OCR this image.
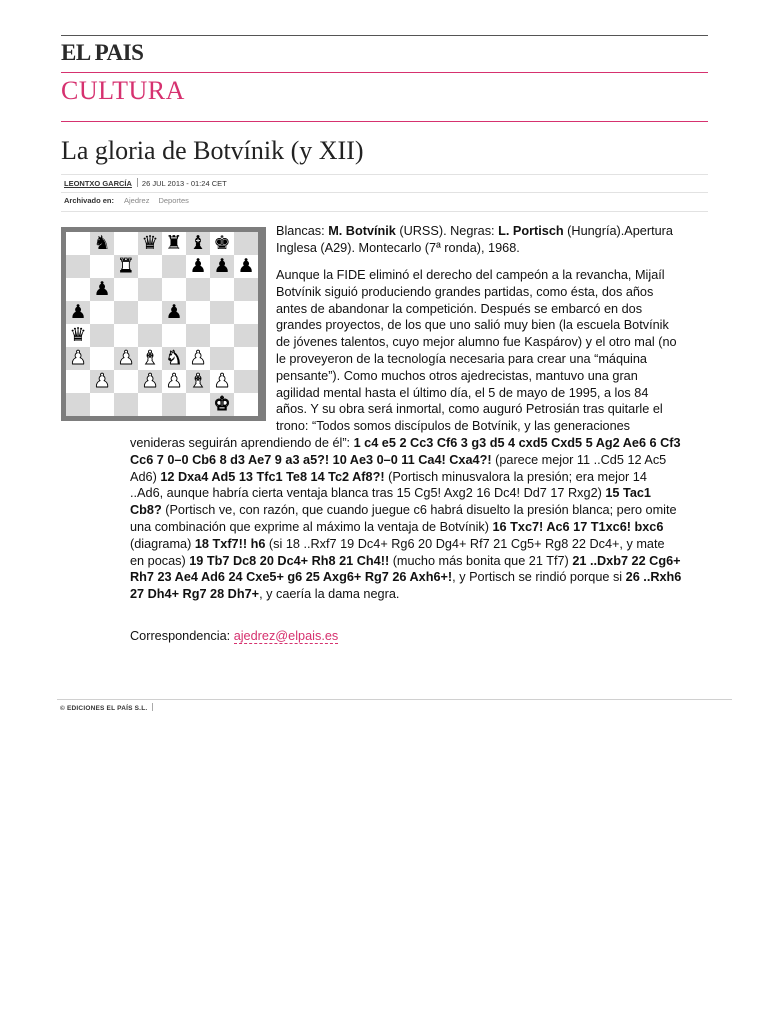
EL PAIS
CULTURA
La gloria de Botvínik (y XII)
LEONTXO GARCÍA 26 JUL 2013 - 01:24 CET
Archivado en: Ajedrez Deportes
♞ ♛ ♜ ♝ ♚
♜	♟ ♟ ♟
♟
♟	♟
♛
♟ ♟ ♝ ♞ ♟
♟ ♟ ♟ ♝ ♟
♚

Blancas: M. Botvínik (URSS). Negras: L. Portisch (Hungría).Apertura Inglesa (A29). Montecarlo (7ª ronda), 1968.

Aunque la FIDE eliminó el derecho del campeón a la revancha, Mijaíl Botvínik siguió produciendo grandes partidas, como ésta, dos años antes de abandonar la competición. Después se embarcó en dos grandes proyectos, de los que uno salió muy bien (la escuela Botvínik de jóvenes talentos, cuyo mejor alumno fue Kaspárov) y el otro mal (no le proveyeron de la tecnología necesaria para crear una “máquina pensante”). Como muchos otros ajedrecistas, mantuvo una gran agilidad mental hasta el último día, el 5 de mayo de 1995, a los 84 años. Y su obra será inmortal, como auguró Petrosián tras quitarle el trono: “Todos somos discípulos de Botvínik, y las generaciones venideras seguirán aprendiendo de él”: 1 c4 e5 2 Cc3 Cf6 3 g3 d5 4 cxd5 Cxd5 5 Ag2 Ae6 6 Cf3 Cc6 7 0–0 Cb6 8 d3 Ae7 9 a3 a5?! 10 Ae3 0–0 11 Ca4! Cxa4?! (parece mejor 11 ..Cd5 12 Ac5 Ad6) 12 Dxa4 Ad5 13 Tfc1 Te8 14 Tc2 Af8?! (Portisch minusvalora la presión; era mejor 14 ..Ad6, aunque habría cierta ventaja blanca tras 15 Cg5! Axg2 16 Dc4! Dd7 17 Rxg2) 15 Tac1 Cb8? (Portisch ve, con razón, que cuando juegue c6 habrá disuelto la presión blanca; pero omite una combinación que exprime al máximo la ventaja de Botvínik) 16 Txc7! Ac6 17 T1xc6! bxc6 (diagrama) 18 Txf7!! h6 (si 18 ..Rxf7 19 Dc4+ Rg6 20 Dg4+ Rf7 21 Cg5+ Rg8 22 Dc4+, y mate en pocas) 19 Tb7 Dc8 20 Dc4+ Rh8 21 Ch4!! (mucho más bonita que 21 Tf7) 21 ..Dxb7 22 Cg6+ Rh7 23 Ae4 Ad6 24 Cxe5+ g6 25 Axg6+ Rg7 26 Axh6+!, y Portisch se rindió porque si 26 ..Rxh6 27 Dh4+ Rg7 28 Dh7+, y caería la dama negra.

Correspondencia: ajedrez@elpais.es
© EDICIONES EL PAÍS S.L.
